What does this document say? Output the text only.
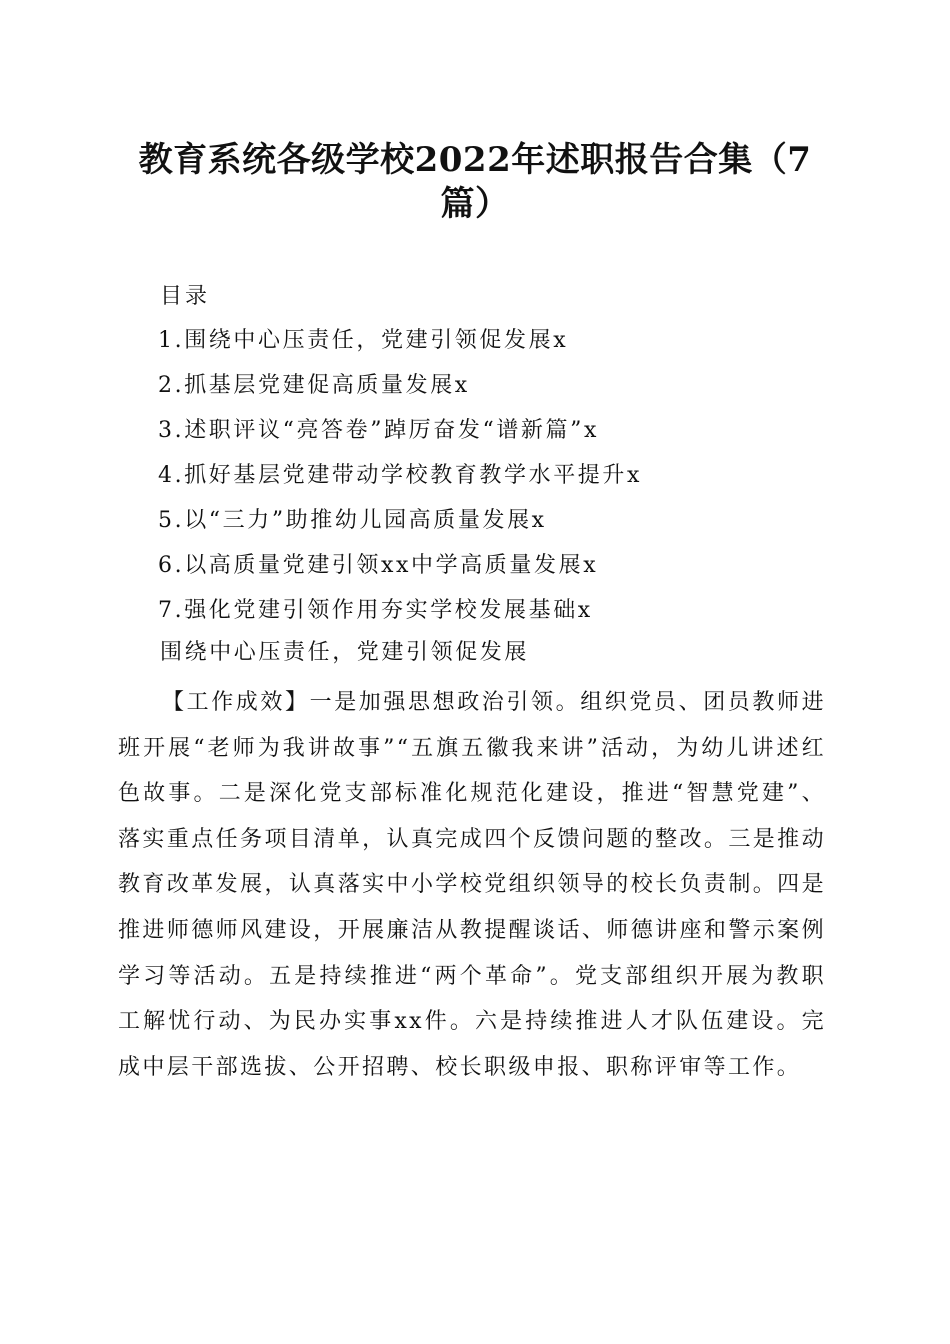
教育系统各级学校2022年述职报告合集（7篇）
目录
1.围绕中心压责任，党建引领促发展x
2.抓基层党建促高质量发展x
3.述职评议“亮答卷”踔厉奋发“谱新篇”x
4.抓好基层党建带动学校教育教学水平提升x
5.以“三力”助推幼儿园高质量发展x
6.以高质量党建引领xx中学高质量发展x
7.强化党建引领作用夯实学校发展基础x
围绕中心压责任，党建引领促发展

【工作成效】一是加强思想政治引领。组织党员、团员教师进班开展“老师为我讲故事”“五旗五徽我来讲”活动，为幼儿讲述红色故事。二是深化党支部标准化规范化建设，推进“智慧党建”、落实重点任务项目清单，认真完成四个反馈问题的整改。三是推动教育改革发展，认真落实中小学校党组织领导的校长负责制。四是推进师德师风建设，开展廉洁从教提醒谈话、师德讲座和警示案例学习等活动。五是持续推进“两个革命”。党支部组织开展为教职工解忧行动、为民办实事xx件。六是持续推进人才队伍建设。完成中层干部选拔、公开招聘、校长职级申报、职称评审等工作。
